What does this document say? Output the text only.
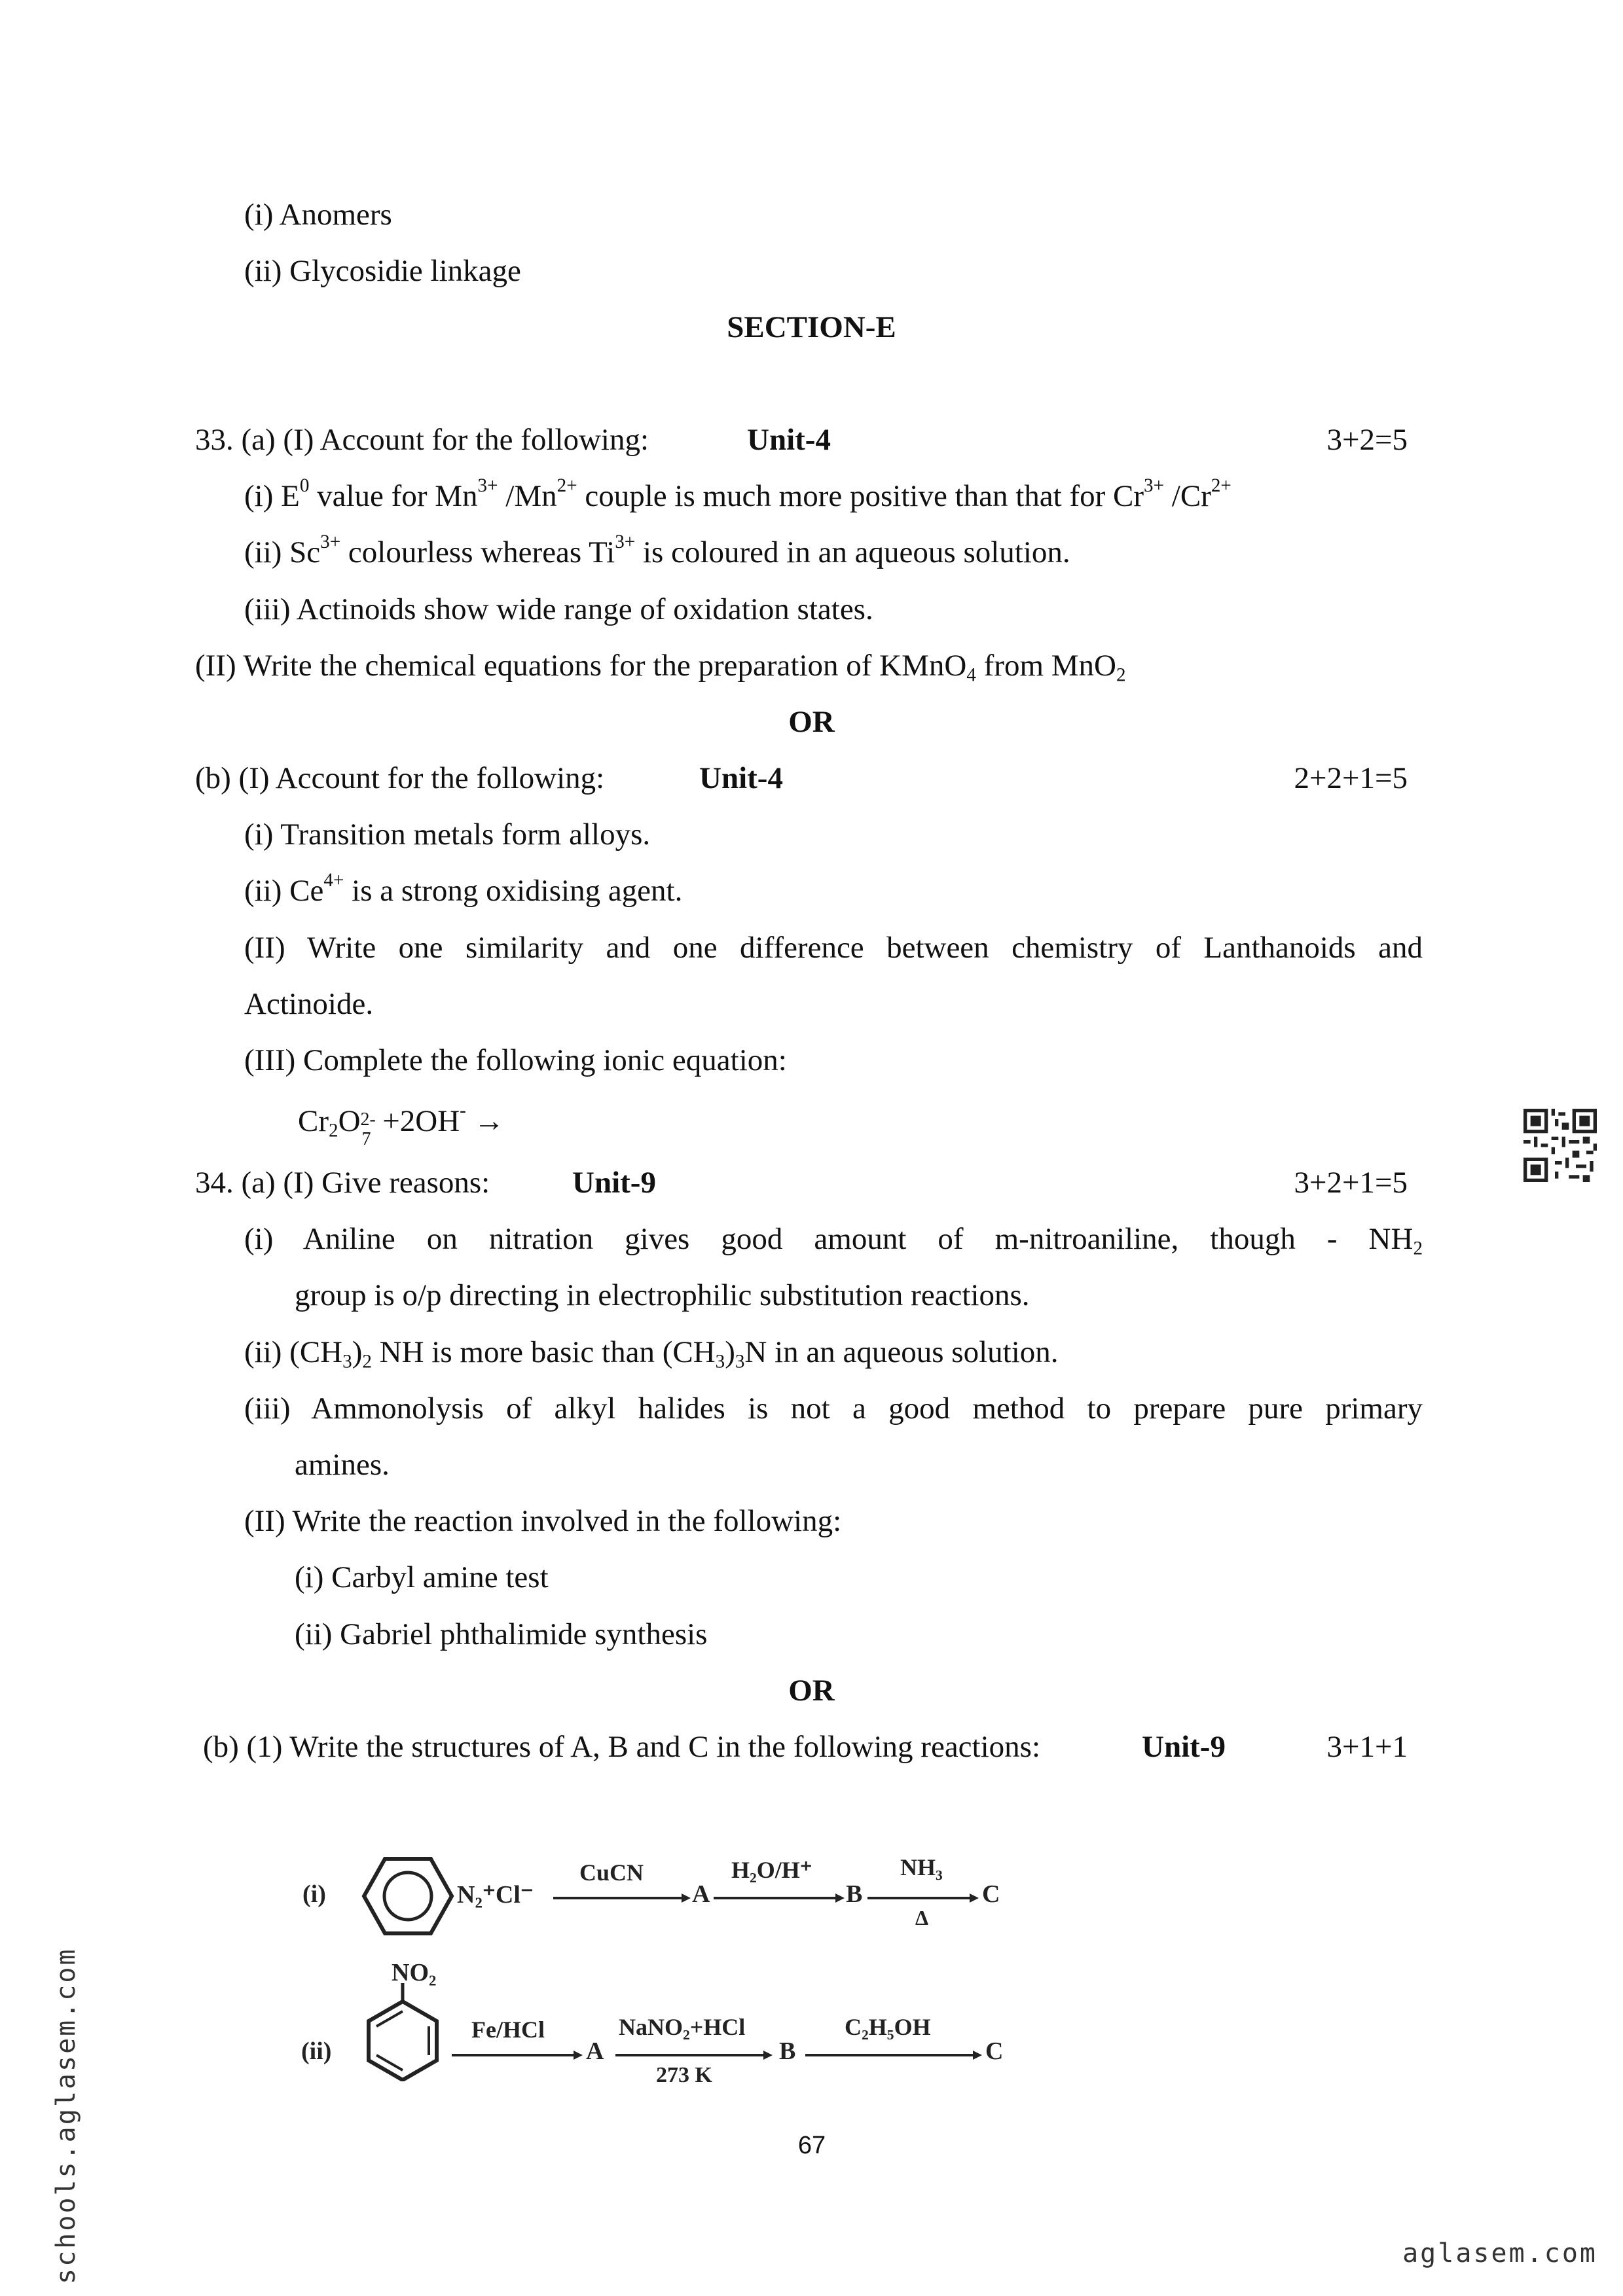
(i) Anomers
(ii) Glycosidie linkage
SECTION-E
33. (a) (I) Account for the following:	Unit-4	3+2=5
(i) $E^0$ value for $Mn^{3+}$ $/Mn^{2+}$ couple is much more positive than that for $Cr^{3+}$ $/Cr^{2+}$
(ii) $Sc^{3+}$ colourless whereas $Ti^{3+}$ is coloured in an aqueous solution.
(iii) Actinoids show wide range of oxidation states.
(II) Write the chemical equations for the preparation of KMnO$_4$ from MnO$_2$
OR
(b) (I) Account for the following:	Unit-4	2+2+1=5
(i) Transition metals form alloys.
(ii) $Ce^{4+}$ is a strong oxidising agent.
(II) Write one similarity and one difference between chemistry of Lanthanoids and
Actinoide.
(III) Complete the following ionic equation:
$Cr_2O$ 2-
7
+2OH- →
34. (a) (I) Give reasons:	Unit-9	3+2+1=5
(i) Aniline on nitration gives good amount of m-nitroaniline, though - $NH_2$
group is o/p directing in electrophilic substitution reactions.
(ii) $(CH_3)_2$ NH is more basic than $(CH_3)_3N$ in an aqueous solution.
(iii) Ammonolysis of alkyl halides is not a good method to prepare pure primary
amines.
(II) Write the reaction involved in the following:
(i) Carbyl amine test
(ii) Gabriel phthalimide synthesis
OR
(b) (1) Write the structures of A, B and C in the following reactions:	Unit-9	3+1+1
(i)	N₂⁺Cl⁻
CuCN
A
H₂O/H⁺
B
NH₃
Δ
C
NO₂
(ii)
Fe/HCl
A
NaNO₂+HCl
273 K
B
C₂H₅OH
C
67
schools.aglasem.com	aglasem.com
